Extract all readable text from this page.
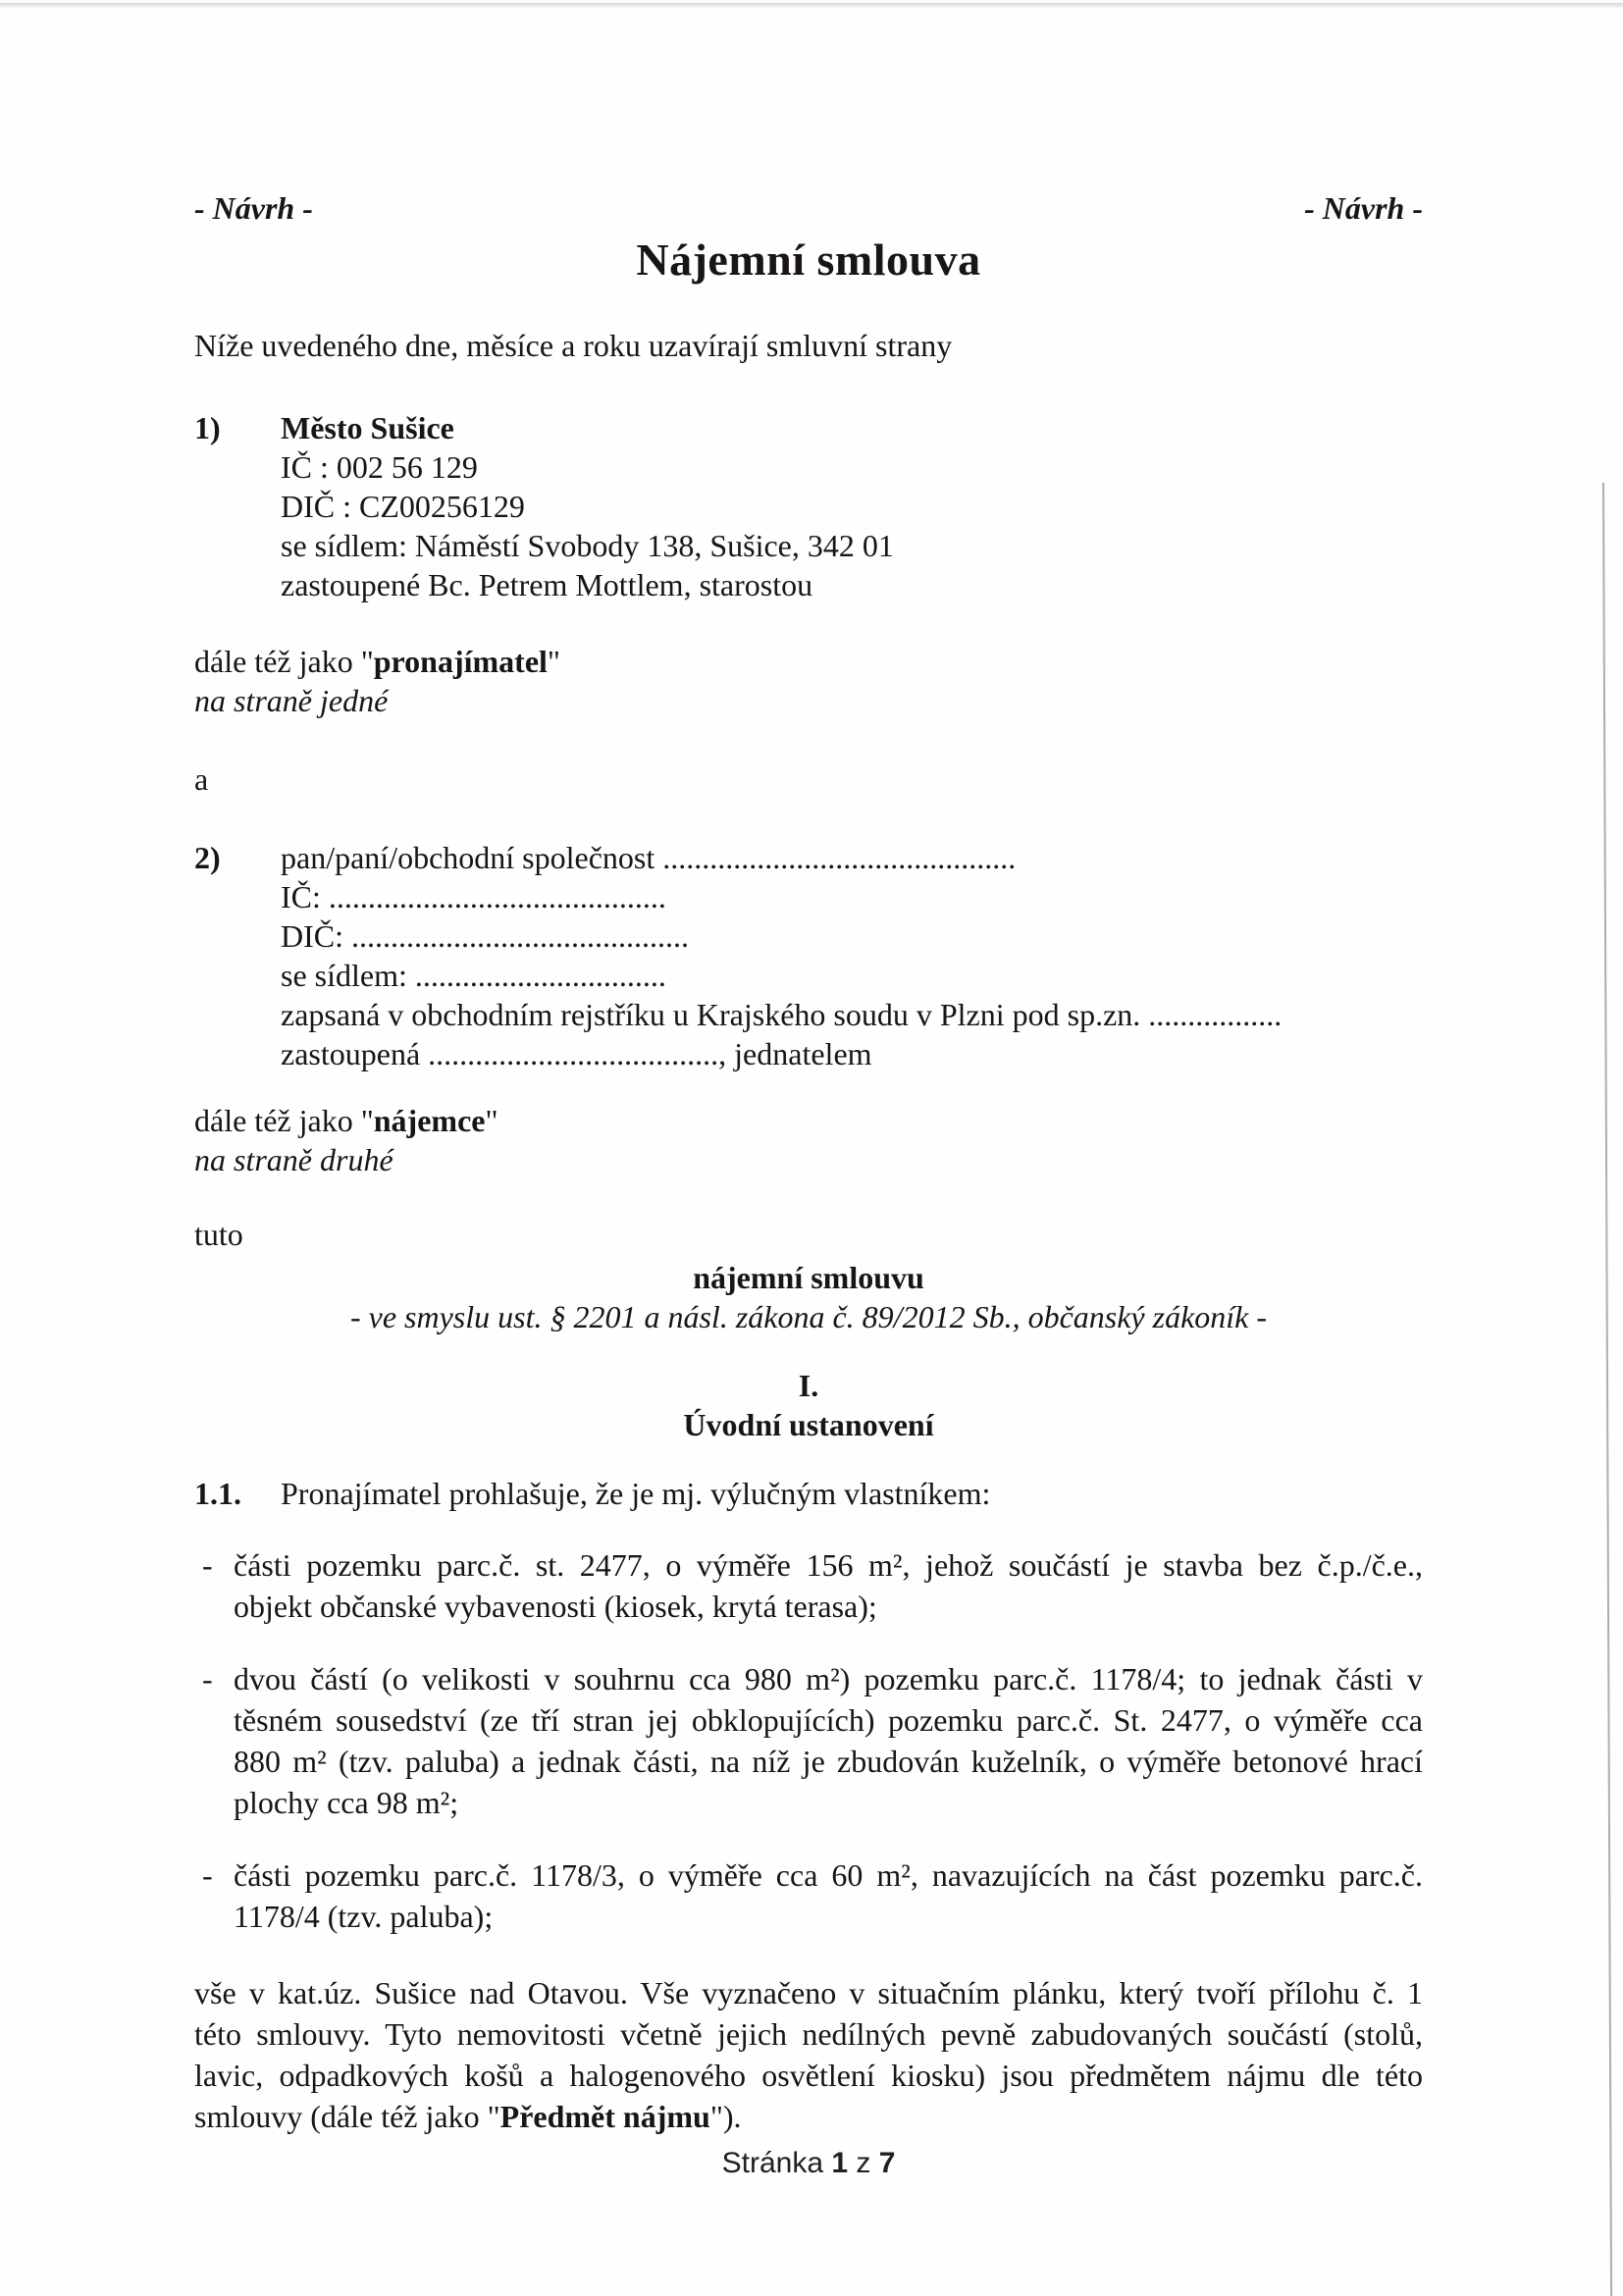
- Návrh -	- Návrh -
Nájemní smlouva

Níže uvedeného dne, měsíce a roku uzavírají smluvní strany

1)	Město Sušice
IČ : 002 56 129
DIČ : CZ00256129
se sídlem: Náměstí Svobody 138, Sušice, 342 01
zastoupené Bc. Petrem Mottlem, starostou

dále též jako "pronajímatel"

na straně jedné

a

2)	pan/paní/obchodní společnost .............................................
IČ: ...........................................
DIČ: ...........................................
se sídlem: ................................
zapsaná v obchodním rejstříku u Krajského soudu v Plzni pod sp.zn. .................
zastoupená ....................................., jednatelem

dále též jako "nájemce"

na straně druhé

tuto

nájemní smlouvu
- ve smyslu ust. § 2201 a násl. zákona č. 89/2012 Sb., občanský zákoník -
I.
Úvodní ustanovení
1.1.	Pronajímatel prohlašuje, že je mj. výlučným vlastníkem:
- části pozemku parc.č. st. 2477, o výměře 156 m², jehož součástí je stavba bez č.p./č.e.,
objekt občanské vybavenosti (kiosek, krytá terasa);
- dvou částí (o velikosti v souhrnu cca 980 m²) pozemku parc.č. 1178/4; to jednak části v
těsném sousedství (ze tří stran jej obklopujících) pozemku parc.č. St. 2477, o výměře cca
880 m² (tzv. paluba) a jednak části, na níž je zbudován kuželník, o výměře betonové hrací
plochy cca 98 m²;
- části pozemku parc.č. 1178/3, o výměře cca 60 m², navazujících na část pozemku parc.č.
1178/4 (tzv. paluba);
vše v kat.úz. Sušice nad Otavou. Vše vyznačeno v situačním plánku, který tvoří přílohu č. 1
této smlouvy. Tyto nemovitosti včetně jejich nedílných pevně zabudovaných součástí (stolů,
lavic, odpadkových košů a halogenového osvětlení kiosku) jsou předmětem nájmu dle této
smlouvy (dále též jako "Předmět nájmu").
Stránka 1 z 7
